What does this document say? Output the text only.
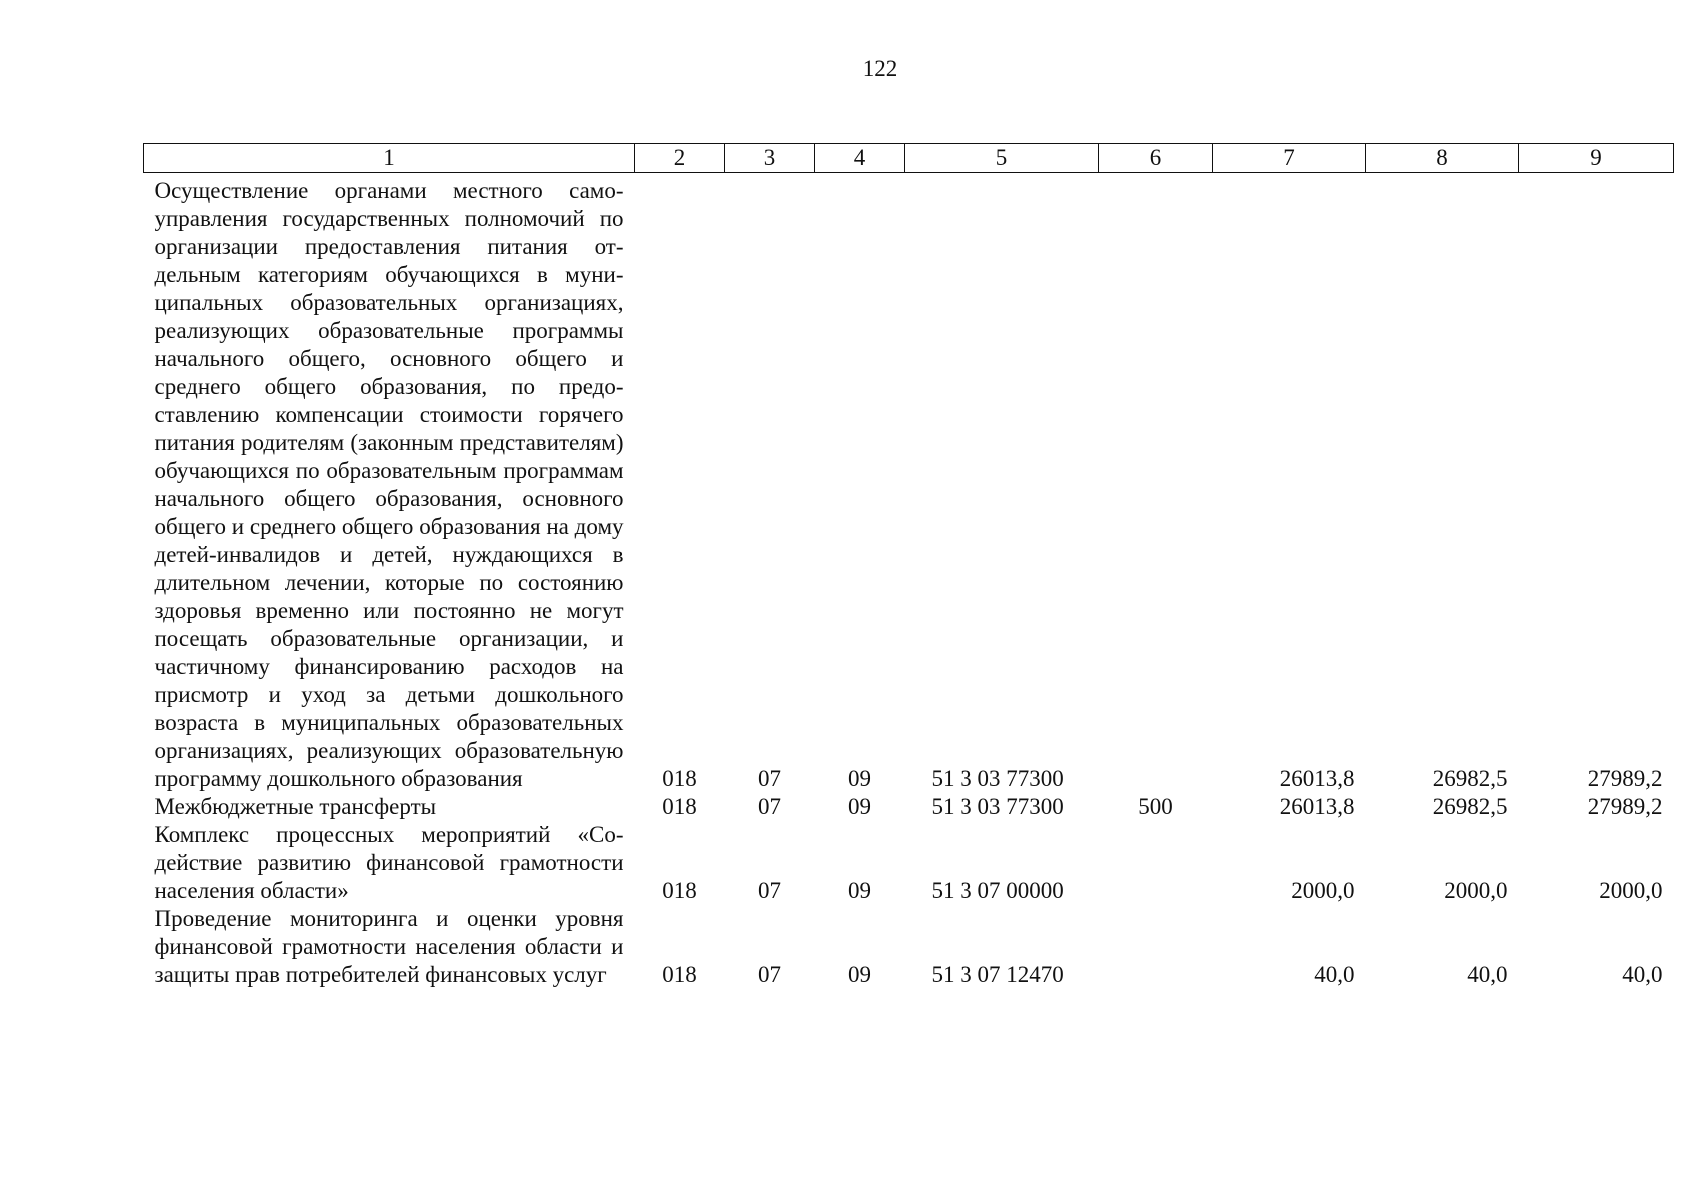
122
1	2	3	4	5	6	7	8	9
Осуществление органами местного самоуправления государственных полномочий по организации предоставления питания отдельным категориям обучающихся в муниципальных образовательных организациях, реализующих образовательные программы начального общего, основного общего и среднего общего образования, по предоставлению компенсации стоимости горячего питания родителям (законным представителям) обучающихся по образовательным программам начального общего образования, основного общего и среднего общего образования на дому детей-инвалидов и детей, нуждающихся в длительном лечении, которые по состоянию здоровья временно или постоянно не могут посещать образовательные организации, и частичному финансированию расходов на присмотр и уход за детьми дошкольного возраста в муниципальных образовательных организациях, реализующих образовательную программу дошкольного образования	018	07	09	51 3 03 77300		26013,8	26982,5	27989,2
Межбюджетные трансферты	018	07	09	51 3 03 77300	500	26013,8	26982,5	27989,2
Комплекс процессных мероприятий «Содействие развитию финансовой грамотности населения области»	018	07	09	51 3 07 00000		2000,0	2000,0	2000,0
Проведение мониторинга и оценки уровня финансовой грамотности населения области и защиты прав потребителей финансовых услуг	018	07	09	51 3 07 12470		40,0	40,0	40,0
